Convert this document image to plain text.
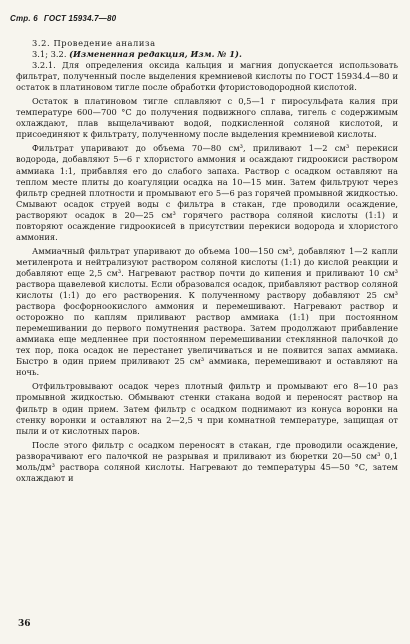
Стр. 6 ГОСТ 15934.7—80

3.2. Проведение анализа

3.1; 3.2. (Измененная редакция, Изм. № 1).

3.2.1. Для определения оксида кальция и магния допускается использовать фильтрат, полученный после выделения кремниевой кислоты по ГОСТ 15934.4—80 и остаток в платиновом тигле после обработки фтористоводородной кислотой.

Остаток в платиновом тигле сплавляют с 0,5—1 г пиросульфата калия при температуре 600—700 °С до получения подвижного сплава, тигель с содержимым охлаждают, плав выщелачивают водой, подкисленной соляной кислотой, и присоединяют к фильтрату, полученному после выделения кремниевой кислоты.

Фильтрат упаривают до объема 70—80 см³, приливают 1—2 см³ перекиси водорода, добавляют 5—6 г хлористого аммония и осаждают гидроокиси раствором аммиака 1:1, прибавляя его до слабого запаха. Раствор с осадком оставляют на теплом месте плиты до коагуляции осадка на 10—15 мин. Затем фильтруют через фильтр средней плотности и промывают его 5—6 раз горячей промывной жидкостью. Смывают осадок струей воды с фильтра в стакан, где проводили осаждение, растворяют осадок в 20—25 см³ горячего раствора соляной кислоты (1:1) и повторяют осаждение гидроокисей в присутствии перекиси водорода и хлористого аммония.

Аммиачный фильтрат упаривают до объема 100—150 см³, добавляют 1—2 капли метиленрота и нейтрализуют раствором соляной кислоты (1:1) до кислой реакции и добавляют еще 2,5 см³. Нагревают раствор почти до кипения и приливают 10 см³ раствора щавелевой кислоты. Если образовался осадок, прибавляют раствор соляной кислоты (1:1) до его растворения. К полученному раствору добавляют 25 см³ раствора фосфорноокислого аммония и перемешивают. Нагревают раствор и осторожно по каплям приливают раствор аммиака (1:1) при постоянном перемешивании до первого помутнения раствора. Затем продолжают прибавление аммиака еще медленнее при постоянном перемешивании стеклянной палочкой до тех пор, пока осадок не перестанет увеличиваться и не появится запах аммиака. Быстро в один прием приливают 25 см³ аммиака, перемешивают и оставляют на ночь.

Отфильтровывают осадок через плотный фильтр и промывают его 8—10 раз промывной жидкостью. Обмывают стенки стакана водой и переносят раствор на фильтр в один прием. Затем фильтр с осадком поднимают из конуса воронки на стенку воронки и оставляют на 2—2,5 ч при комнатной температуре, защищая от пыли и от кислотных паров.

После этого фильтр с осадком переносят в стакан, где проводили осаждение, разворачивают его палочкой не разрывая и приливают из бюретки 20—50 см³ 0,1 моль/дм³ раствора соляной кислоты. Нагревают до температуры 45—50 °С, затем охлаждают и

36
